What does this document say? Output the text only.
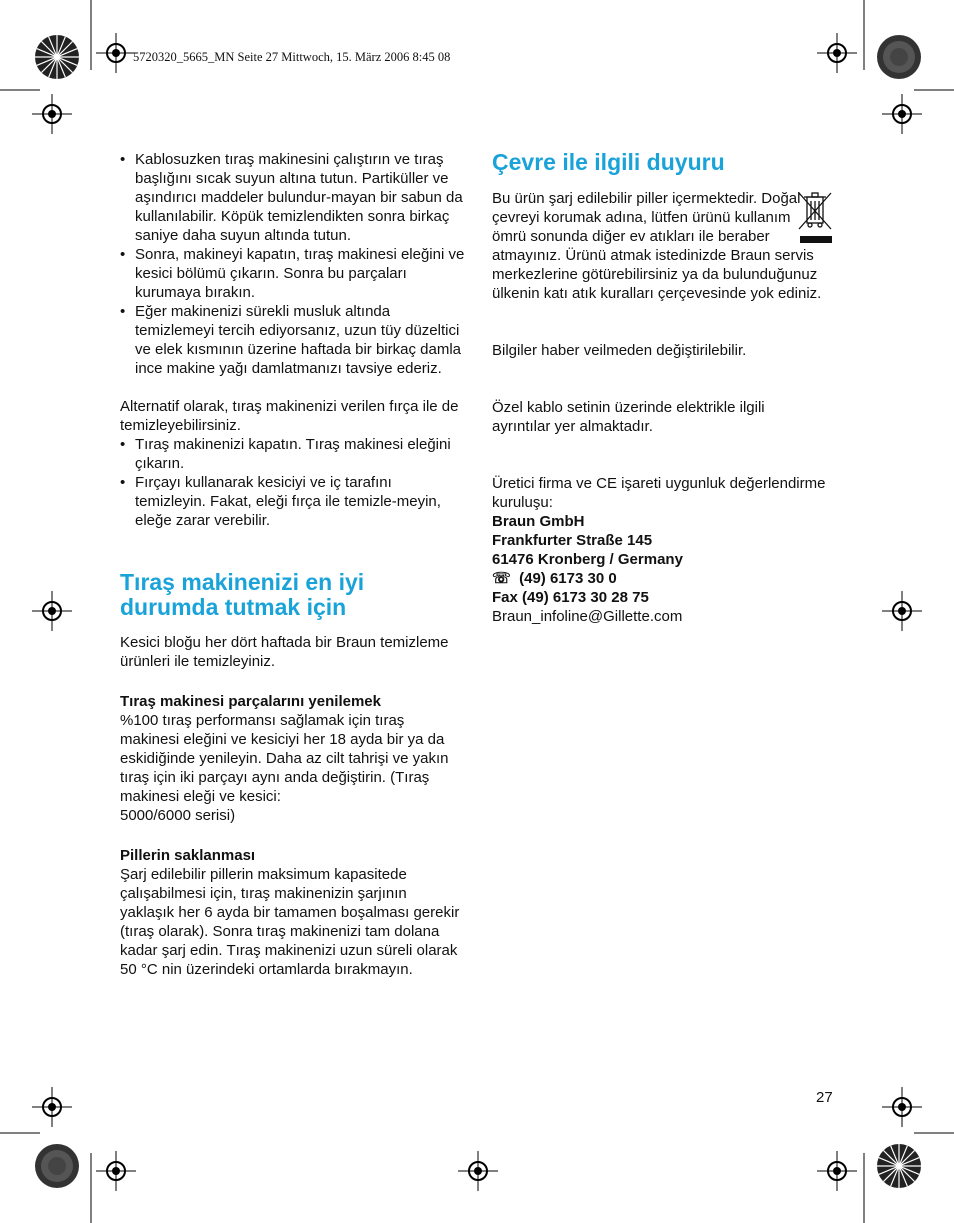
5720320_5665_MN Seite 27 Mittwoch, 15. März 2006 8:45 08
• Kablosuzken tıraş makinesini çalıştırın ve tıraş başlığını sıcak suyun altına tutun. Partiküller ve aşındırıcı maddeler bulundur-mayan bir sabun da kullanılabilir. Köpük temizlendikten sonra birkaç saniye daha suyun altında tutun.
• Sonra, makineyi kapatın, tıraş makinesi eleğini ve kesici bölümü çıkarın. Sonra bu parçaları kurumaya bırakın.
• Eğer makinenizi sürekli musluk altında temizlemeyi tercih ediyorsanız, uzun tüy düzeltici ve elek kısmının üzerine haftada bir birkaç damla ince makine yağı damlatmanızı tavsiye ederiz.

Alternatif olarak, tıraş makinenizi verilen fırça ile de temizleyebilirsiniz.

• Tıraş makinenizi kapatın. Tıraş makinesi eleğini çıkarın.
• Fırçayı kullanarak kesiciyi ve iç tarafını temizleyin. Fakat, eleği fırça ile temizle-meyin, eleğe zarar verebilir.

Tıraş makinenizi en iyi durumda tutmak için

Kesici bloğu her dört haftada bir Braun temizleme ürünleri ile temizleyiniz.

Tıraş makinesi parçalarını yenilemek

%100 tıraş performansı sağlamak için tıraş makinesi eleğini ve kesiciyi her 18 ayda bir ya da eskidiğinde yenileyin. Daha az cilt tahrişi ve yakın tıraş için iki parçayı aynı anda değiştirin. (Tıraş makinesi eleği ve kesici:

5000/6000 serisi)

Pillerin saklanması

Şarj edilebilir pillerin maksimum kapasitede çalışabilmesi için, tıraş makinenizin şarjının yaklaşık her 6 ayda bir tamamen boşalması gerekir (tıraş olarak). Sonra tıraş makinenizi tam dolana kadar şarj edin. Tıraş makinenizi uzun süreli olarak 50 °C nin üzerindeki ortamlarda bırakmayın.

Çevre ile ilgili duyuru

Bu ürün şarj edilebilir piller içermektedir. Doğal çevreyi korumak adına, lütfen ürünü kullanım ömrü sonunda diğer ev atıkları ile beraber atmayınız. Ürünü atmak istedinizde Braun servis merkezlerine götürebilirsiniz ya da bulunduğunuz ülkenin katı atık kuralları çerçevesinde yok ediniz.

Bilgiler haber veilmeden değiştirilebilir.

Özel kablo setinin üzerinde elektrikle ilgili ayrıntılar yer almaktadır.

Üretici firma ve CE işareti uygunluk değerlendirme kuruluşu:

Braun GmbH

Frankfurter Straße 145

61476 Kronberg / Germany

☏ (49) 6173 30 0

Fax (49) 6173 30 28 75

Braun_infoline@Gillette.com

27
